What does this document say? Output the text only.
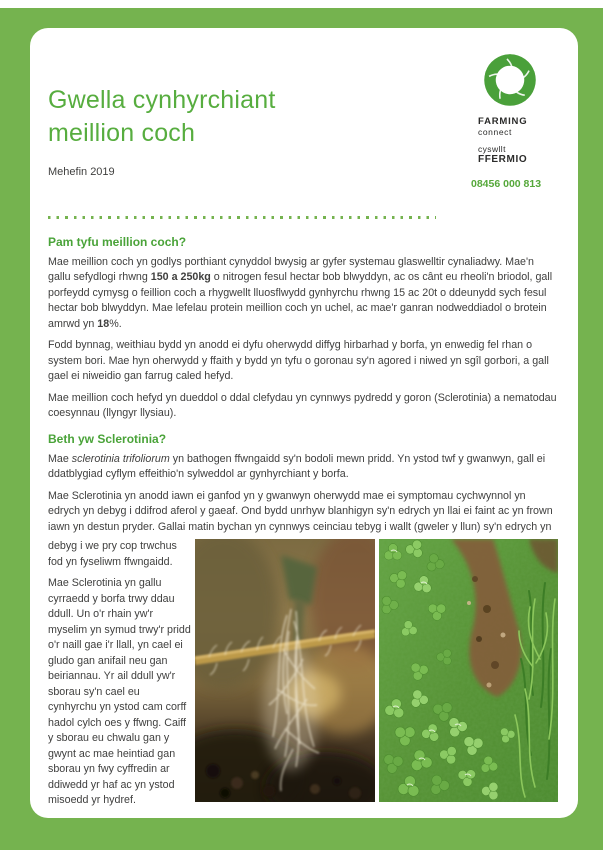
Gwella cynhyrchiant
meillion coch
Mehefin 2019
FARMING
connect
cyswllt
FFERMIO
08456 000 813
Pam tyfu meillion coch?

Mae meillion coch yn godlys porthiant cynyddol bwysig ar gyfer systemau glaswelltir cynaliadwy. Mae'n gallu sefydlogi rhwng 150 a 250kg o nitrogen fesul hectar bob blwyddyn, ac os cânt eu rheoli'n briodol, gall porfeydd cymysg o feillion coch a rhygwellt lluosflwydd gynhyrchu rhwng 15 ac 20t o ddeunydd sych fesul hectar bob blwyddyn. Mae lefelau protein meillion coch yn uchel, ac mae'r ganran nodweddiadol o brotein amrwd yn 18%.

Fodd bynnag, weithiau bydd yn anodd ei dyfu oherwydd diffyg hirbarhad y borfa, yn enwedig fel rhan o system bori. Mae hyn oherwydd y ffaith y bydd yn tyfu o goronau sy'n agored i niwed yn sgîl gorbori, a gall gael ei niweidio gan farrug caled hefyd.

Mae meillion coch hefyd yn dueddol o ddal clefydau yn cynnwys pydredd y goron (Sclerotinia) a nematodau coesynnau (llyngyr llysiau).

Beth yw Sclerotinia?

Mae sclerotinia trifoliorum yn bathogen ffwngaidd sy'n bodoli mewn pridd. Yn ystod twf y gwanwyn, gall ei ddatblygiad cyflym effeithio'n sylweddol ar gynhyrchiant y borfa.

Mae Sclerotinia yn anodd iawn ei ganfod yn y gwanwyn oherwydd mae ei symptomau cychwynnol yn edrych yn debyg i ddifrod aferol y gaeaf. Ond bydd unrhyw blanhigyn sy'n edrych yn llai ei faint ac yn frown iawn yn destun pryder. Gallai matin bychan yn cynnwys ceinciau tebyg i wallt (gweler y llun) sy'n edrych yn

debyg i we pry cop trwchus fod yn fyseliwm ffwngaidd.

Mae Sclerotinia yn gallu cyrraedd y borfa trwy ddau ddull. Un o'r rhain yw'r myselim yn symud trwy'r pridd o'r naill gae i'r llall, yn cael ei gludo gan anifail neu gan beiriannau. Yr ail ddull yw'r sborau sy'n cael eu cynhyrchu yn ystod cam corff hadol cylch oes y ffwng. Caiff y sborau eu chwalu gan y gwynt ac mae heintiad gan sborau yn fwy cyffredin ar ddiwedd yr haf ac yn ystod misoedd yr hydref.
